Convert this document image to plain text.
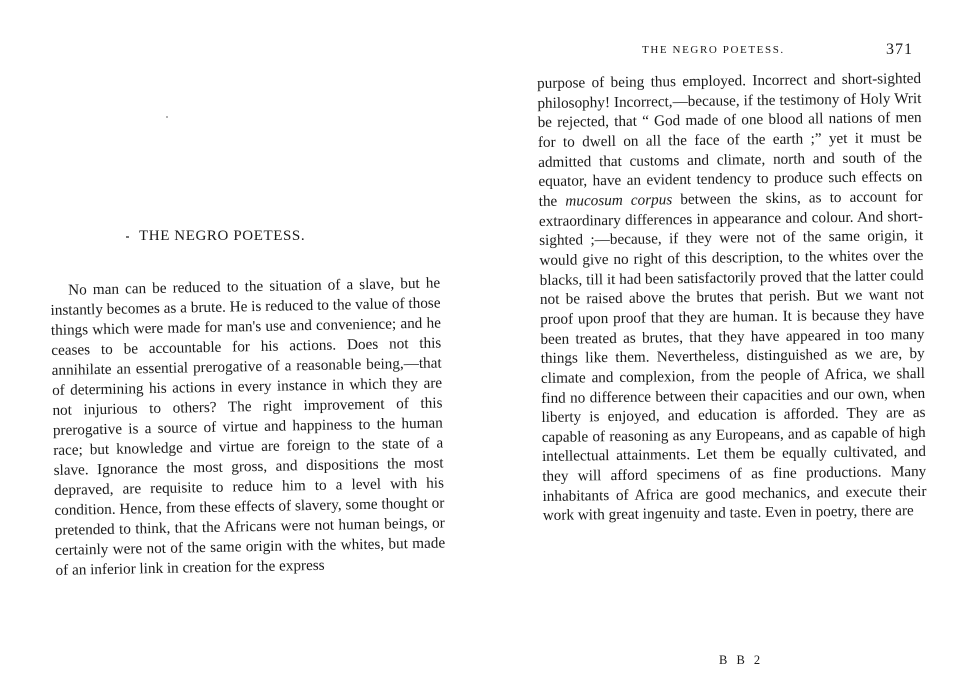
THE NEGRO POETESS.

No man can be reduced to the situation of a slave, but he instantly becomes as a brute. He is reduced to the value of those things which were made for man's use and convenience; and he ceases to be accountable for his actions. Does not this annihilate an essential prerogative of a reasonable being,—that of determining his actions in every instance in which they are not injurious to others? The right improvement of this prerogative is a source of virtue and happiness to the human race; but knowledge and virtue are foreign to the state of a slave. Ignorance the most gross, and dispositions the most depraved, are requisite to reduce him to a level with his condition. Hence, from these effects of slavery, some thought or pretended to think, that the Africans were not human beings, or certainly were not of the same origin with the whites, but made of an inferior link in creation for the express

THE NEGRO POETESS.	371

purpose of being thus employed. Incorrect and short-sighted philosophy! Incorrect,—because, if the testimony of Holy Writ be rejected, that “ God made of one blood all nations of men for to dwell on all the face of the earth ;” yet it must be admitted that customs and climate, north and south of the equator, have an evident tendency to produce such effects on the mucosum corpus between the skins, as to account for extraordinary differences in appearance and colour. And short-sighted ;—because, if they were not of the same origin, it would give no right of this description, to the whites over the blacks, till it had been satisfactorily proved that the latter could not be raised above the brutes that perish. But we want not proof upon proof that they are human. It is because they have been treated as brutes, that they have appeared in too many things like them. Nevertheless, distinguished as we are, by climate and complexion, from the people of Africa, we shall find no difference between their capacities and our own, when liberty is enjoyed, and education is afforded. They are as capable of reasoning as any Europeans, and as capable of high intellectual attainments. Let them be equally cultivated, and they will afford specimens of as fine productions. Many inhabitants of Africa are good mechanics, and execute their work with great ingenuity and taste. Even in poetry, there are

B B 2
